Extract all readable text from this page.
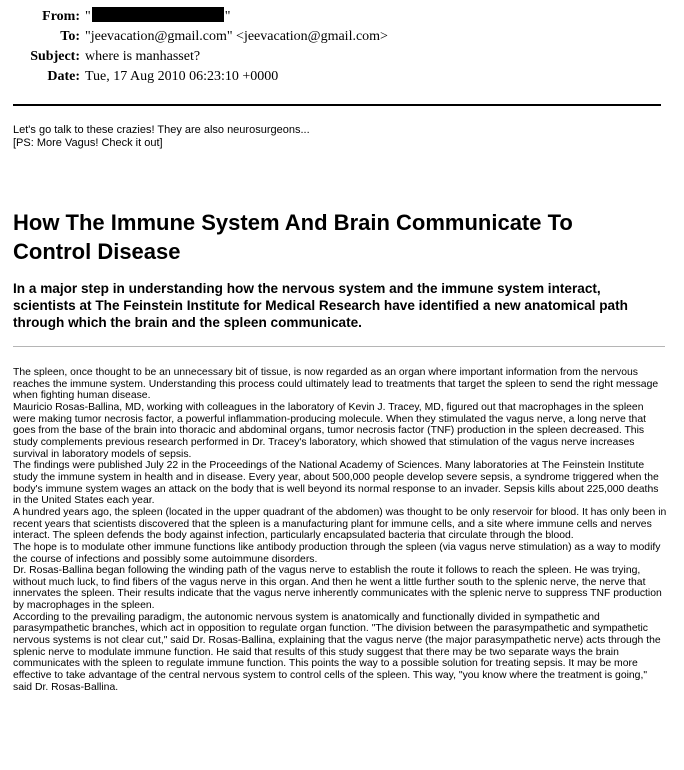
From: "	"
To: "jeevacation@gmail.com" <jeevacation@gmail.com>
Subject: where is manhasset?
Date: Tue, 17 Aug 2010 06:23:10 +0000
Let's go talk to these crazies! They are also neurosurgeons...
[PS: More Vagus! Check it out]
How The Immune System And Brain Communicate To Control Disease

In a major step in understanding how the nervous system and the immune system interact, scientists at The Feinstein Institute for Medical Research have identified a new anatomical path through which the brain and the spleen communicate.

The spleen, once thought to be an unnecessary bit of tissue, is now regarded as an organ where important information from the nervous reaches the immune system. Understanding this process could ultimately lead to treatments that target the spleen to send the right message when fighting human disease.

Mauricio Rosas-Ballina, MD, working with colleagues in the laboratory of Kevin J. Tracey, MD, figured out that macrophages in the spleen were making tumor necrosis factor, a powerful inflammation-producing molecule. When they stimulated the vagus nerve, a long nerve that goes from the base of the brain into thoracic and abdominal organs, tumor necrosis factor (TNF) production in the spleen decreased. This study complements previous research performed in Dr. Tracey's laboratory, which showed that stimulation of the vagus nerve increases survival in laboratory models of sepsis.

The findings were published July 22 in the Proceedings of the National Academy of Sciences. Many laboratories at The Feinstein Institute study the immune system in health and in disease. Every year, about 500,000 people develop severe sepsis, a syndrome triggered when the body's immune system wages an attack on the body that is well beyond its normal response to an invader. Sepsis kills about 225,000 deaths in the United States each year.

A hundred years ago, the spleen (located in the upper quadrant of the abdomen) was thought to be only reservoir for blood. It has only been in recent years that scientists discovered that the spleen is a manufacturing plant for immune cells, and a site where immune cells and nerves interact. The spleen defends the body against infection, particularly encapsulated bacteria that circulate through the blood.

The hope is to modulate other immune functions like antibody production through the spleen (via vagus nerve stimulation) as a way to modify the course of infections and possibly some autoimmune disorders.

Dr. Rosas-Ballina began following the winding path of the vagus nerve to establish the route it follows to reach the spleen. He was trying, without much luck, to find fibers of the vagus nerve in this organ. And then he went a little further south to the splenic nerve, the nerve that innervates the spleen. Their results indicate that the vagus nerve inherently communicates with the splenic nerve to suppress TNF production by macrophages in the spleen.

According to the prevailing paradigm, the autonomic nervous system is anatomically and functionally divided in sympathetic and parasympathetic branches, which act in opposition to regulate organ function. "The division between the parasympathetic and sympathetic nervous systems is not clear cut," said Dr. Rosas-Ballina, explaining that the vagus nerve (the major parasympathetic nerve) acts through the splenic nerve to modulate immune function. He said that results of this study suggest that there may be two separate ways the brain communicates with the spleen to regulate immune function. This points the way to a possible solution for treating sepsis. It may be more effective to take advantage of the central nervous system to control cells of the spleen. This way, "you know where the treatment is going," said Dr. Rosas-Ballina.
